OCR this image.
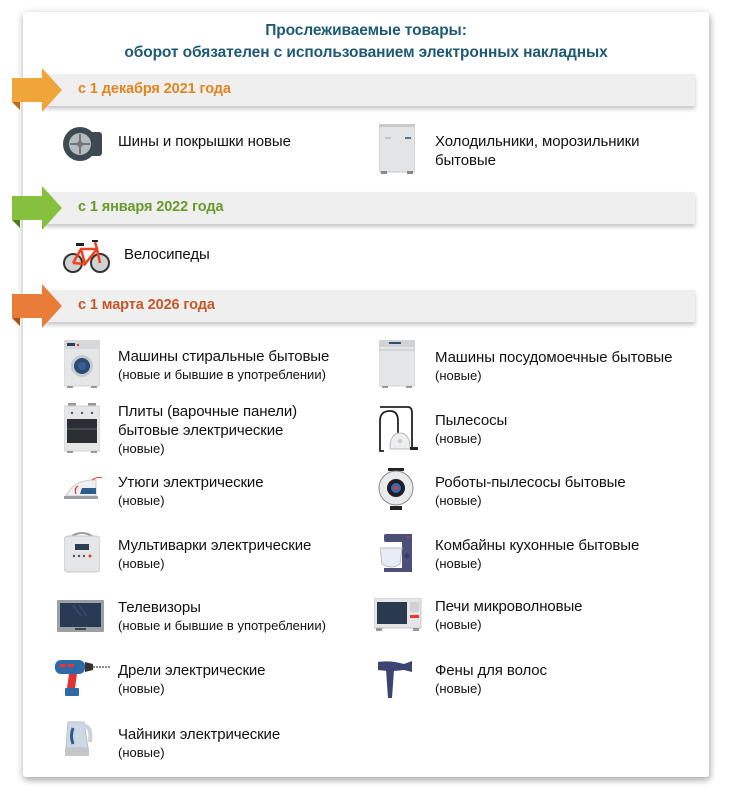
Прослеживаемые товары:
оборот обязателен с использованием электронных накладных
с 1 декабря 2021 года
Шины и покрышки новые	Холодильники, морозильники
бытовые
с 1 января 2022 года
Велосипеды
с 1 марта 2026 года
Машины стиральные бытовые
(новые и бывшие в употреблении)
Машины посудомоечные бытовые
(новые)
Плиты (варочные панели)
бытовые электрические
(новые)
Пылесосы
(новые)
Утюги электрические
(новые)
Роботы-пылесосы бытовые
(новые)
Мультиварки электрические
(новые)
Комбайны кухонные бытовые
(новые)
Телевизоры
(новые и бывшие в употреблении)
Печи микроволновые
(новые)
Дрели электрические
(новые)
Фены для волос
(новые)
Чайники электрические
(новые)
